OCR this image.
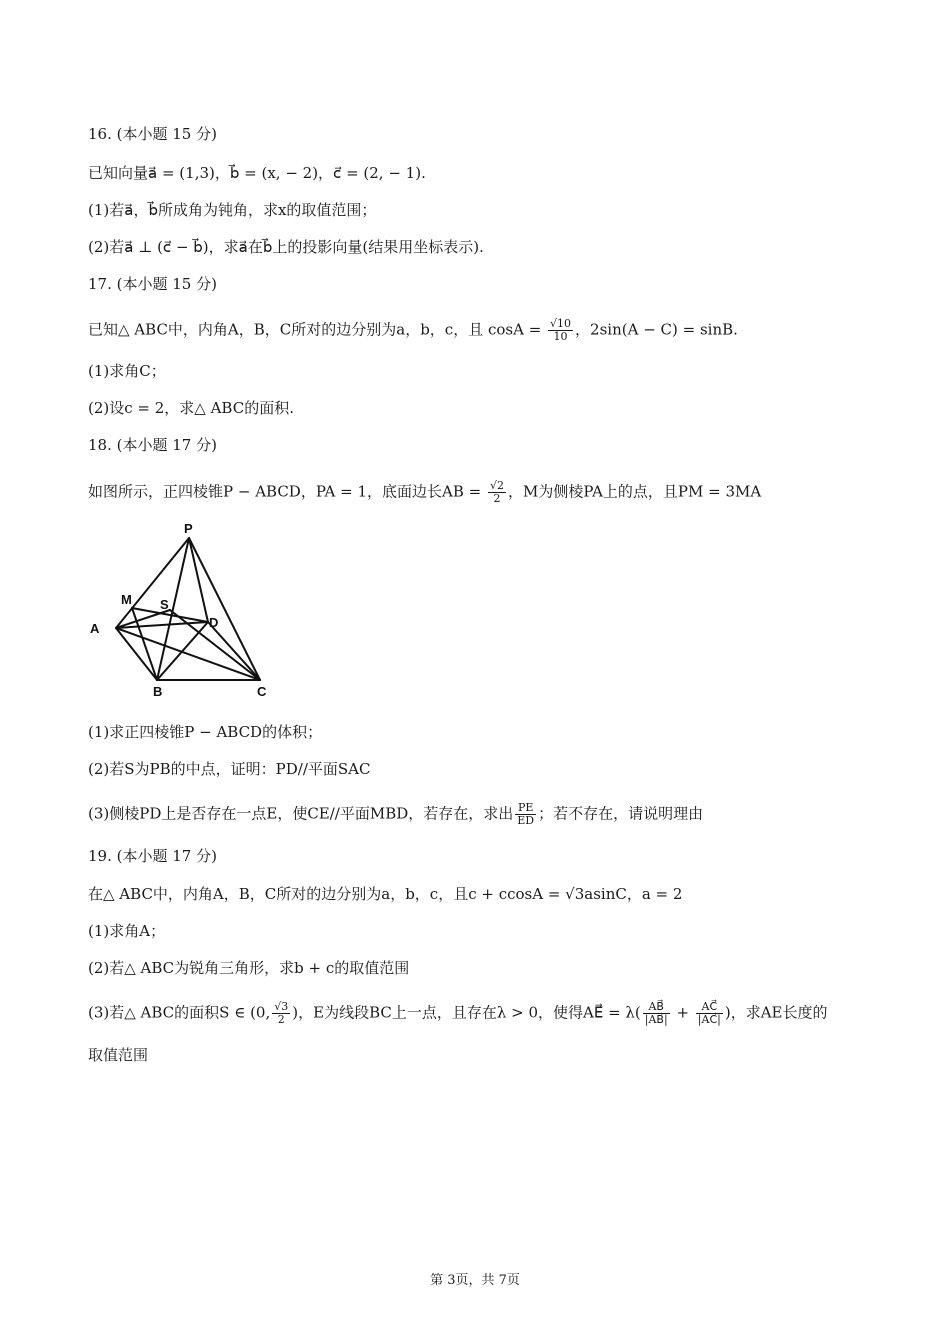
16. (本小题 15 分)
已知向量a⃗ = (1,3)，b⃗ = (x, − 2)，c⃗ = (2, − 1).
(1)若a⃗，b⃗所成角为钝角，求x的取值范围；
(2)若a⃗ ⊥ (c⃗ − b⃗)，求a⃗在b⃗上的投影向量(结果用坐标表示).
17. (本小题 15 分)
已知△ ABC中，内角A，B，C所对的边分别为a，b，c，且 $\cos A = \frac{√10}{10}$ ，2sin(A − C) = sinB.
(1)求角C；
(2)设c = 2，求△ ABC的面积.
18. (本小题 17 分)
如图所示，正四棱锥P − ABCD，PA = 1，底面边长AB = $\frac{√2}{2}$ ，M为侧棱PA上的点，且PM = 3MA
P
M S
A	D
B	C
(1)求正四棱锥P − ABCD的体积；
(2)若S为PB的中点，证明：PD//平面SAC
(3)侧棱PD上是否存在一点E，使CE//平面MBD，若存在，求出 $\frac{PE}{ED}$ ；若不存在，请说明理由
19. (本小题 17 分)
在△ ABC中，内角A，B，C所对的边分别为a，b，c，且c + ccosA = √3asinC，a = 2
(1)求角A；
(2)若△ ABC为锐角三角形，求b + c的取值范围
(3)若△ ABC的面积S ∈ (0, $\frac{√3}{2}$ )，E为线段BC上一点，且存在λ > 0，使得AE⃗ = $\lambda( \frac{AB⃗}{|AB⃗|} + \frac{AC⃗}{|AC⃗|}$ )，求AE长度的
取值范围
第 3页，共 7页
